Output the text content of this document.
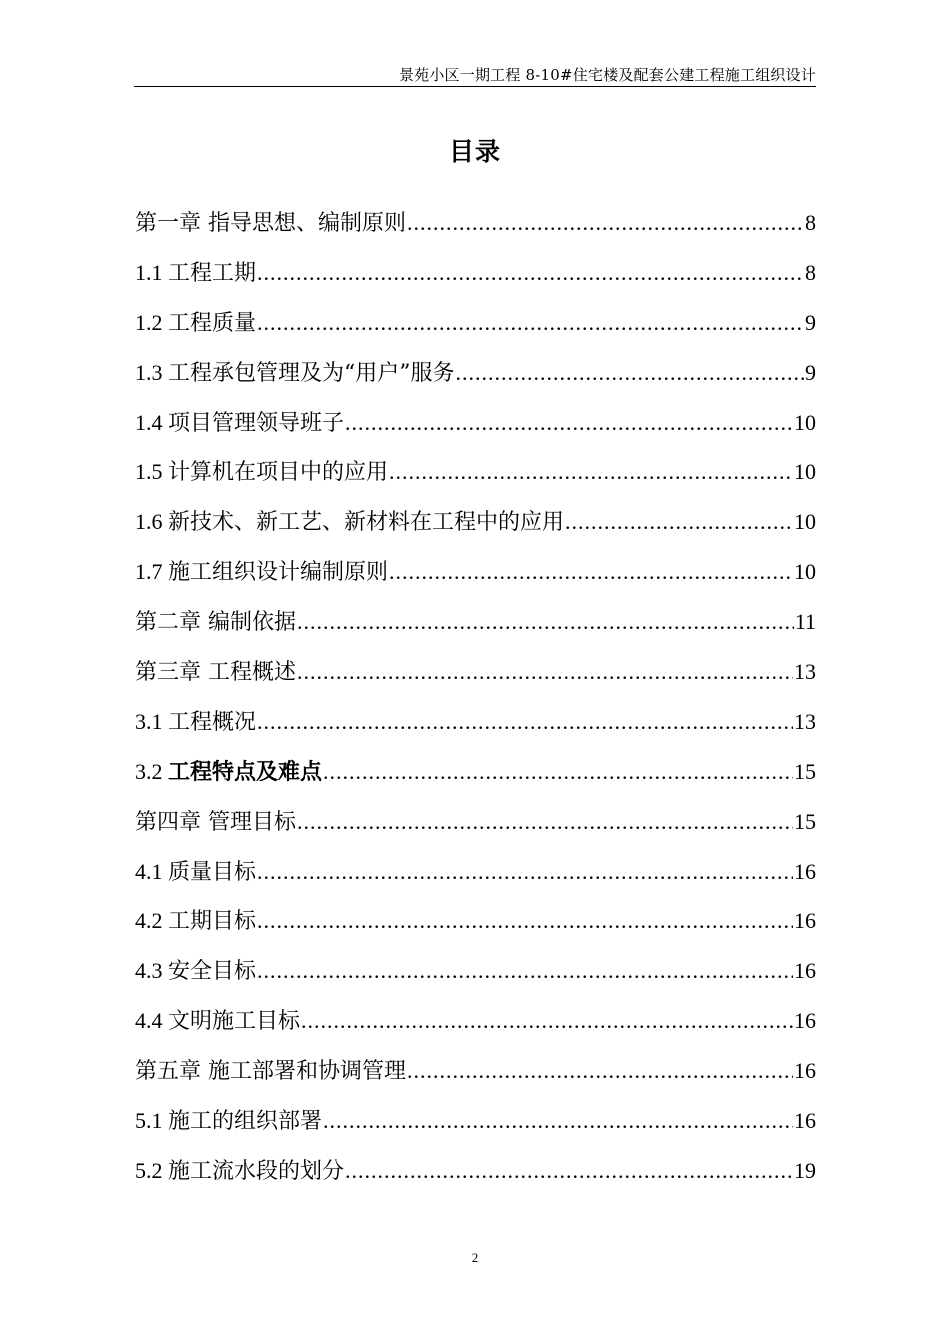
景苑小区一期工程 8-10#住宅楼及配套公建工程施工组织设计
目录
第一章 指导思想、编制原则 .....	8
1.1 工程工期 .....	8
1.2 工程质量 .....	9
1.3 工程承包管理及为“用户”服务 .....	9
1.4 项目管理领导班子 .....	10
1.5 计算机在项目中的应用 .....	10
1.6 新技术、新工艺、新材料在工程中的应用 .....	10
1.7 施工组织设计编制原则 .....	10
第二章 编制依据 .....	11
第三章 工程概述 .....	13
3.1 工程概况 .....	13
3.2 工程特点及难点 .....	15
第四章 管理目标 .....	15
4.1 质量目标 .....	16
4.2 工期目标 .....	16
4.3 安全目标 .....	16
4.4 文明施工目标 .....	16
第五章 施工部署和协调管理 .....	16
5.1 施工的组织部署 .....	16
5.2 施工流水段的划分 .....	19
2
